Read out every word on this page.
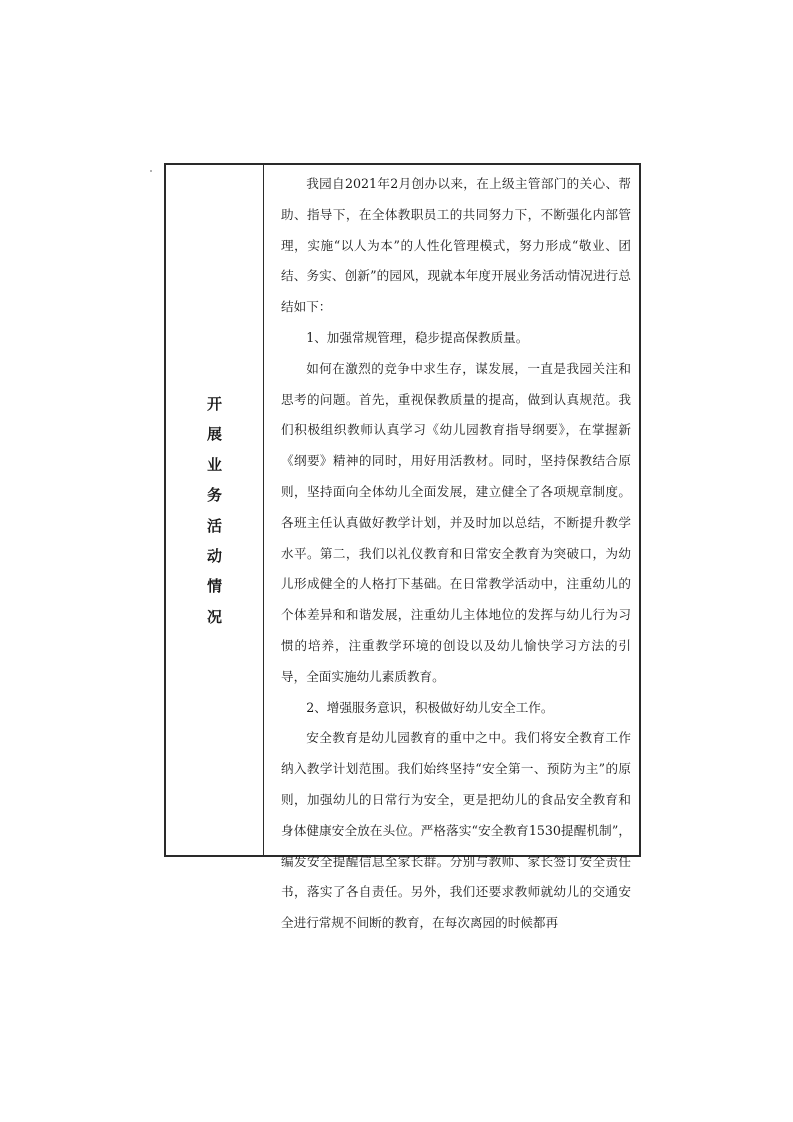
开
展
业
务
活
动
情
况

我园自2021年2月创办以来，在上级主管部门的关心、帮助、指导下，在全体教职员工的共同努力下，不断强化内部管理，实施“以人为本”的人性化管理模式，努力形成“敬业、团结、务实、创新”的园风，现就本年度开展业务活动情况进行总结如下：

1、加强常规管理，稳步提高保教质量。

如何在激烈的竞争中求生存，谋发展，一直是我园关注和思考的问题。首先，重视保教质量的提高，做到认真规范。我们积极组织教师认真学习《幼儿园教育指导纲要》，在掌握新《纲要》精神的同时，用好用活教材。同时，坚持保教结合原则，坚持面向全体幼儿全面发展，建立健全了各项规章制度。各班主任认真做好教学计划，并及时加以总结，不断提升教学水平。第二，我们以礼仪教育和日常安全教育为突破口，为幼儿形成健全的人格打下基础。在日常教学活动中，注重幼儿的个体差异和和谐发展，注重幼儿主体地位的发挥与幼儿行为习惯的培养，注重教学环境的创设以及幼儿愉快学习方法的引导，全面实施幼儿素质教育。

2、增强服务意识，积极做好幼儿安全工作。

安全教育是幼儿园教育的重中之中。我们将安全教育工作纳入教学计划范围。我们始终坚持“安全第一、预防为主”的原则，加强幼儿的日常行为安全，更是把幼儿的食品安全教育和身体健康安全放在头位。严格落实“安全教育1530提醒机制”，编发安全提醒信息至家长群。分别与教师、家长签订安全责任书，落实了各自责任。另外，我们还要求教师就幼儿的交通安全进行常规不间断的教育，在每次离园的时候都再
